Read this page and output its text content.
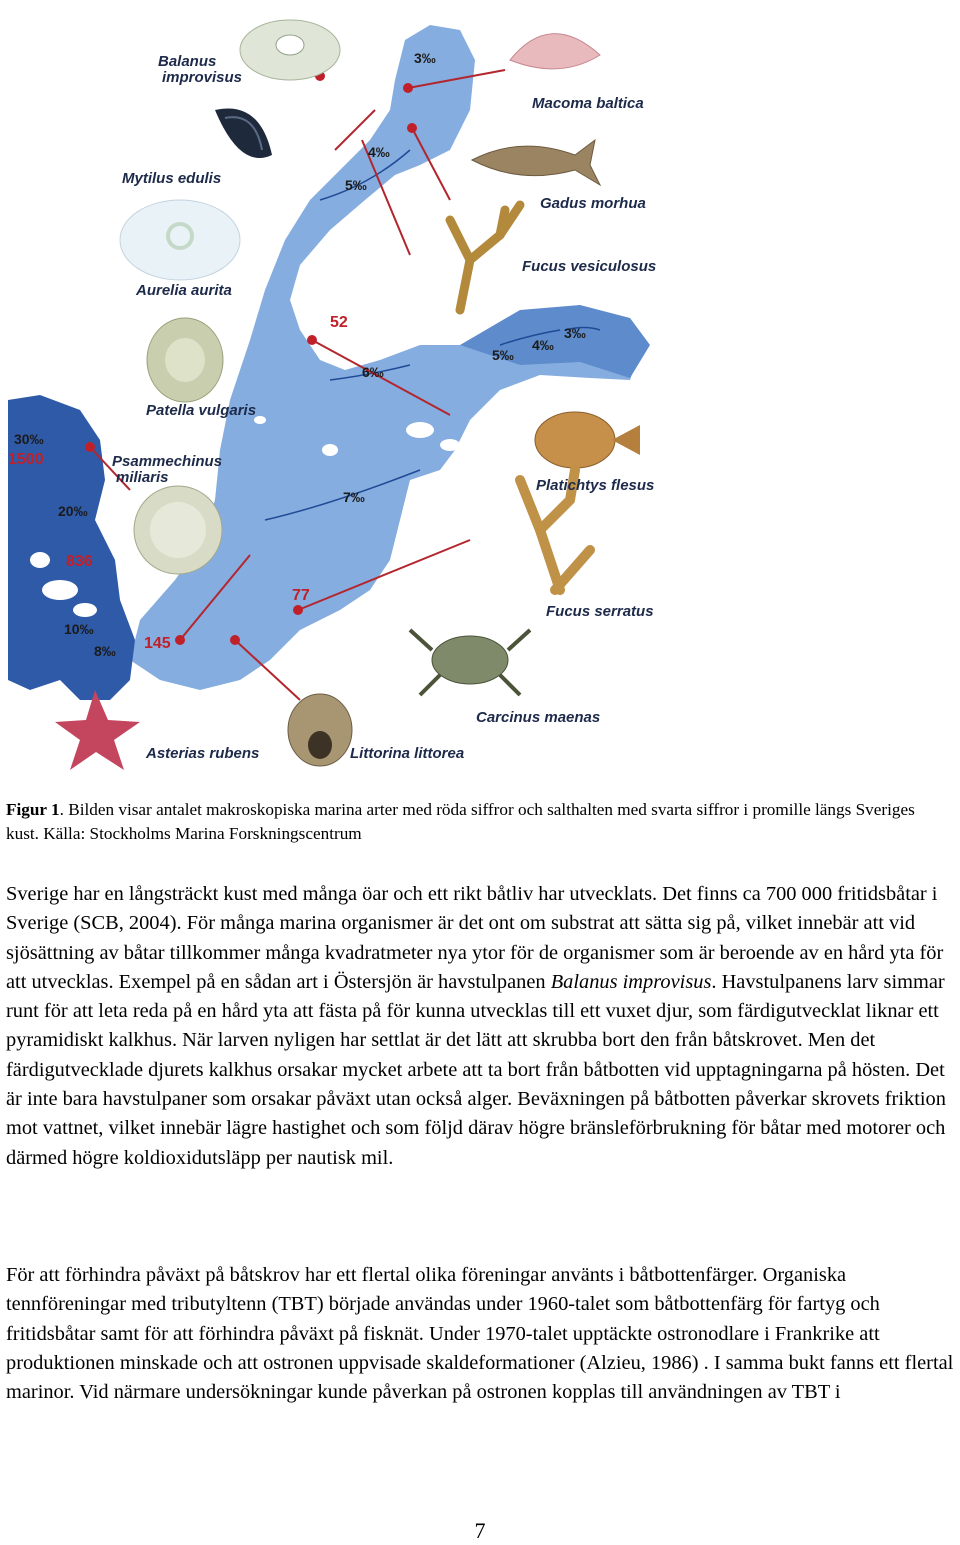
Balanus
improvisus
Mytilus edulis
Aurelia aurita
Patella vulgaris
Psammechinus
miliaris
Asterias rubens	Littorina littorea
Macoma baltica
Gadus morhua
Fucus vesiculosus
Platichtys flesus
Fucus serratus
Carcinus maenas
3‰
4‰
5‰
6‰
7‰
3‰
4‰
5‰
30‰
20‰
10‰
8‰
1500
836
145
77
52
Figur 1. Bilden visar antalet makroskopiska marina arter med röda siffror och salthalten med svarta siffror i promille längs Sveriges kust. Källa: Stockholms Marina Forskningscentrum

Sverige har en långsträckt kust med många öar och ett rikt båtliv har utvecklats. Det finns ca 700 000 fritidsbåtar i Sverige (SCB, 2004). För många marina organismer är det ont om substrat att sätta sig på, vilket innebär att vid sjösättning av båtar tillkommer många kvadratmeter nya ytor för de organismer som är beroende av en hård yta för att utvecklas. Exempel på en sådan art i Östersjön är havstulpanen Balanus improvisus. Havstulpanens larv simmar runt för att leta reda på en hård yta att fästa på för kunna utvecklas till ett vuxet djur, som färdigutvecklat liknar ett pyramidiskt kalkhus. När larven nyligen har settlat är det lätt att skrubba bort den från båtskrovet. Men det färdigutvecklade djurets kalkhus orsakar mycket arbete att ta bort från båtbotten vid upptagningarna på hösten. Det är inte bara havstulpaner som orsakar påväxt utan också alger. Beväxningen på båtbotten påverkar skrovets friktion mot vattnet, vilket innebär lägre hastighet och som följd därav högre bränsleförbrukning för båtar med motorer och därmed högre koldioxidutsläpp per nautisk mil.

För att förhindra påväxt på båtskrov har ett flertal olika föreningar använts i båtbottenfärger. Organiska tennföreningar med tributyltenn (TBT) började användas under 1960-talet som båtbottenfärg för fartyg och fritidsbåtar samt för att förhindra påväxt på fisknät. Under 1970-talet upptäckte ostronodlare i Frankrike att produktionen minskade och att ostronen uppvisade skaldeformationer (Alzieu, 1986) . I samma bukt fanns ett flertal marinor. Vid närmare undersökningar kunde påverkan på ostronen kopplas till användningen av TBT i

7
